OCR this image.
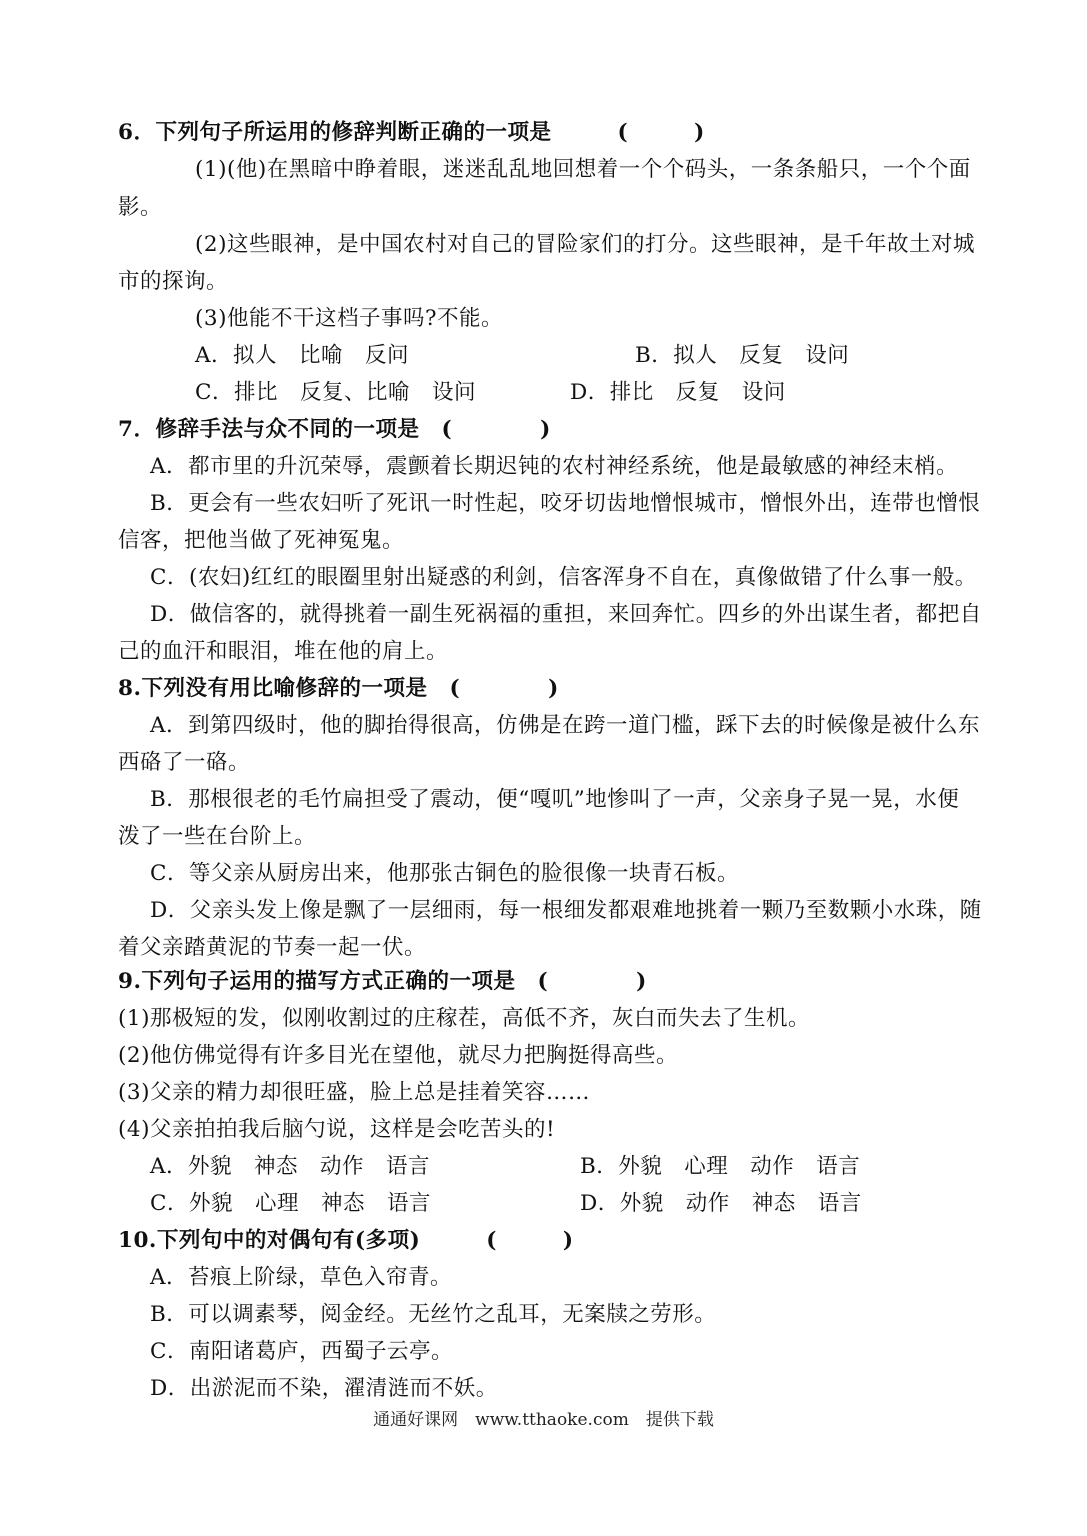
6．下列句子所运用的修辞判断正确的一项是　　　(　　　)
(1)(他)在黑暗中睁着眼，迷迷乱乱地回想着一个个码头，一条条船只，一个个面
影。
(2)这些眼神，是中国农村对自己的冒险家们的打分。这些眼神，是千年故土对城
市的探询。
(3)他能不干这档子事吗?不能。
A．拟人　比喻　反问	B．拟人　反复　设问
C．排比　反复、比喻　设问	D．排比　反复　设问
7．修辞手法与众不同的一项是　(　　　　)
A．都市里的升沉荣辱，震颤着长期迟钝的农村神经系统，他是最敏感的神经末梢。
B．更会有一些农妇听了死讯一时性起，咬牙切齿地憎恨城市，憎恨外出，连带也憎恨
信客，把他当做了死神冤鬼。
C．(农妇)红红的眼圈里射出疑惑的利剑，信客浑身不自在，真像做错了什么事一般。
D．做信客的，就得挑着一副生死祸福的重担，来回奔忙。四乡的外出谋生者，都把自
己的血汗和眼泪，堆在他的肩上。
8.下列没有用比喻修辞的一项是　(　　　　)
A．到第四级时，他的脚抬得很高，仿佛是在跨一道门槛，踩下去的时候像是被什么东
西硌了一硌。
B．那根很老的毛竹扁担受了震动，便“嘎叽”地惨叫了一声，父亲身子晃一晃，水便
泼了一些在台阶上。
C．等父亲从厨房出来，他那张古铜色的脸很像一块青石板。
D．父亲头发上像是飘了一层细雨，每一根细发都艰难地挑着一颗乃至数颗小水珠，随
着父亲踏黄泥的节奏一起一伏。
9.下列句子运用的描写方式正确的一项是　(　　　　)
(1)那极短的发，似刚收割过的庄稼茬，高低不齐，灰白而失去了生机。
(2)他仿佛觉得有许多目光在望他，就尽力把胸挺得高些。
(3)父亲的精力却很旺盛，脸上总是挂着笑容……
(4)父亲拍拍我后脑勺说，这样是会吃苦头的!
A．外貌　神态　动作　语言	B．外貌　心理　动作　语言
C．外貌　心理　神态　语言	D．外貌　动作　神态　语言
10.下列句中的对偶句有(多项)　　　(　　　)
A．苔痕上阶绿，草色入帘青。
B．可以调素琴，阅金经。无丝竹之乱耳，无案牍之劳形。
C．南阳诸葛庐，西蜀子云亭。
D．出淤泥而不染，濯清涟而不妖。
通通好课网　www.tthaoke.com　提供下载
